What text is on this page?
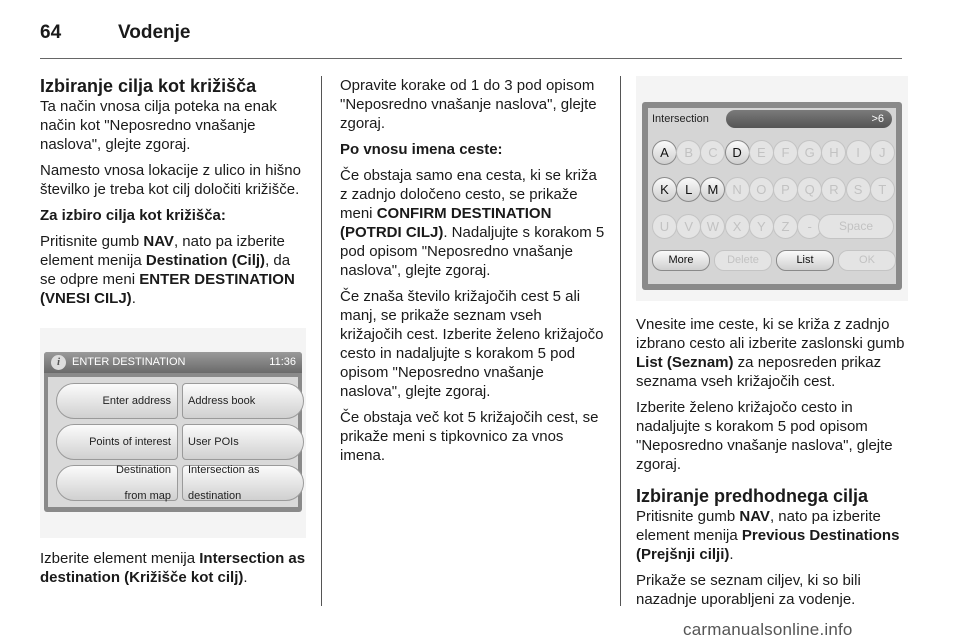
64	Vodenje
Izbiranje cilja kot križišča

Ta način vnosa cilja poteka na enak način kot "Neposredno vnašanje naslova", glejte zgoraj.

Namesto vnosa lokacije z ulico in hišno številko je treba kot cilj določiti križišče.

Za izbiro cilja kot križišča:

Pritisnite gumb NAV, nato pa izberite element menija Destination (Cilj), da se odpre meni ENTER DESTINATION (VNESI CILJ).

i	ENTER DESTINATION	11:36
Enter address Address book
Points of interest User POIs
Destination

from map
Intersection as

destination

Izberite element menija Intersection as destination (Križišče kot cilj).

Opravite korake od 1 do 3 pod opisom "Neposredno vnašanje naslova", glejte zgoraj.

Po vnosu imena ceste:

Če obstaja samo ena cesta, ki se križa z zadnjo določeno cesto, se prikaže meni CONFIRM DESTINATION (POTRDI CILJ). Nadaljujte s korakom 5 pod opisom "Neposredno vnašanje naslova", glejte zgoraj.

Če znaša število križajočih cest 5 ali manj, se prikaže seznam vseh križajočih cest. Izberite želeno križajočo cesto in nadaljujte s korakom 5 pod opisom "Neposredno vnašanje naslova", glejte zgoraj.

Če obstaja več kot 5 križajočih cest, se prikaže meni s tipkovnico za vnos imena.

Intersection	>6
A	B	C	D	E	F	G	H	I	J
K	L	M	N	O	P	Q	R	S	T
U	V	W	X	Y	Z	-	Space
More	Delete	List	OK

Vnesite ime ceste, ki se križa z zadnjo izbrano cesto ali izberite zaslonski gumb List (Seznam) za neposreden prikaz seznama vseh križajočih cest.

Izberite želeno križajočo cesto in nadaljujte s korakom 5 pod opisom "Neposredno vnašanje naslova", glejte zgoraj.

Izbiranje predhodnega cilja

Pritisnite gumb NAV, nato pa izberite element menija Previous Destinations (Prejšnji cilji).

Prikaže se seznam ciljev, ki so bili nazadnje uporabljeni za vodenje.

carmanualsonline.info
